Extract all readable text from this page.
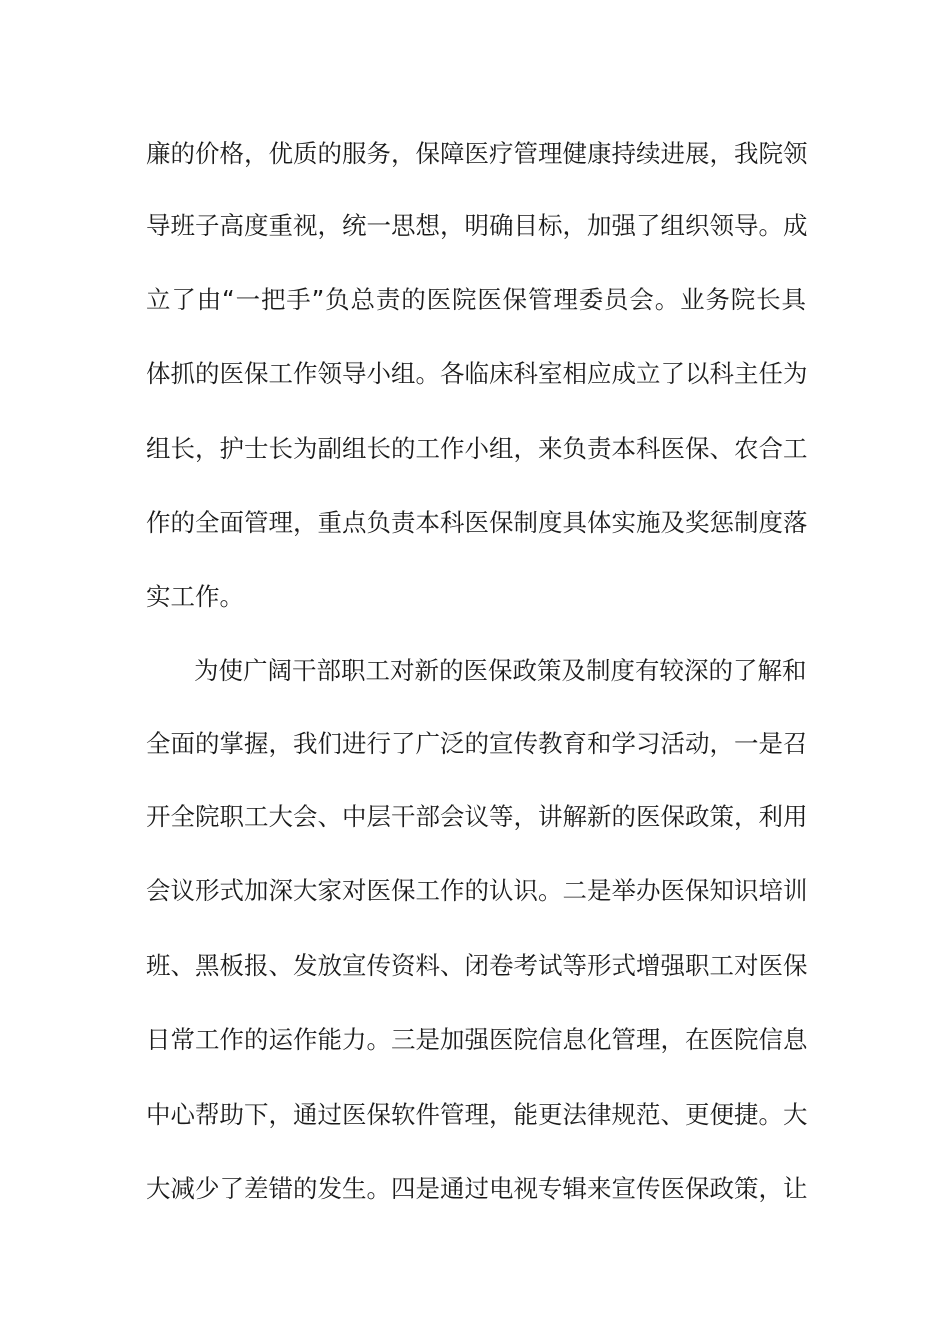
廉的价格，优质的服务，保障医疗管理健康持续进展，我院领

导班子高度重视，统一思想，明确目标，加强了组织领导。成

立了由“一把手”负总责的医院医保管理委员会。业务院长具

体抓的医保工作领导小组。各临床科室相应成立了以科主任为

组长，护士长为副组长的工作小组，来负责本科医保、农合工

作的全面管理，重点负责本科医保制度具体实施及奖惩制度落

实工作。

为使广阔干部职工对新的医保政策及制度有较深的了解和

全面的掌握，我们进行了广泛的宣传教育和学习活动，一是召

开全院职工大会、中层干部会议等，讲解新的医保政策，利用

会议形式加深大家对医保工作的认识。二是举办医保知识培训

班、黑板报、发放宣传资料、闭卷考试等形式增强职工对医保

日常工作的运作能力。三是加强医院信息化管理，在医院信息

中心帮助下，通过医保软件管理，能更法律规范、更便捷。大

大减少了差错的发生。四是通过电视专辑来宣传医保政策，让
